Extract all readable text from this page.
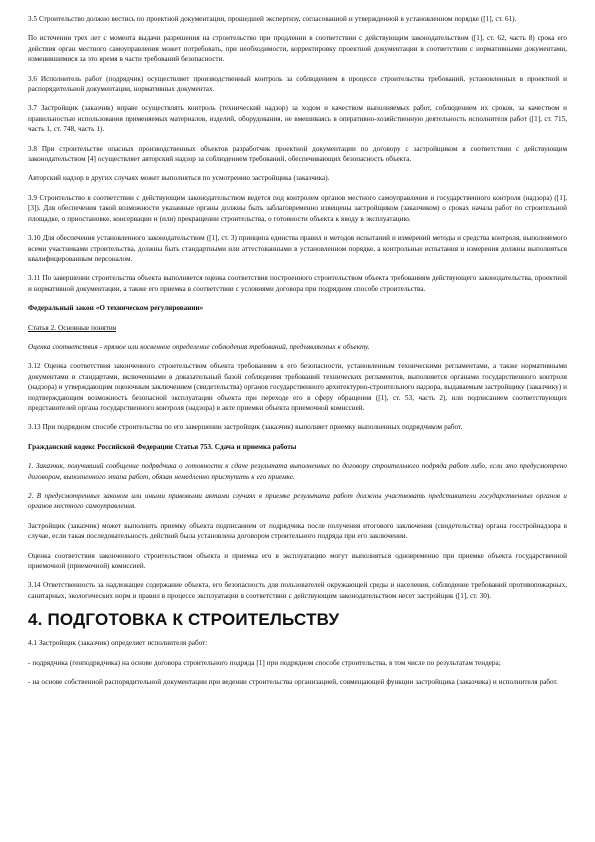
3.5 Строительство должно вестись по проектной документации, прошедшей экспертизу, согласованной и утвержденной в установленном порядке ([1], ст. 61).

По истечении трех лет с момента выдачи разрешения на строительство при продлении в соответствии с действующим законодательством ([1], ст. 62, часть 8) срока его действия орган местного самоуправления может потребовать, при необходимости, корректировку проектной документации в соответствии с нормативными документами, изменившимися за это время в части требований безопасности.

3.6 Исполнитель работ (подрядчик) осуществляет производственный контроль за соблюдением в процессе строительства требований, установленных в проектной и распорядительной документации, нормативных документах.

3.7 Застройщик (заказчик) вправе осуществлять контроль (технический надзор) за ходом и качеством выполняемых работ, соблюдением их сроков, за качеством и правильностью использования применяемых материалов, изделий, оборудования, не вмешиваясь в оперативно-хозяйственную деятельность исполнителя работ ([1], ст. 715, часть 1, ст. 748, часть 1).

3.8 При строительстве опасных производственных объектов разработчик проектной документации по договору с застройщиком в соответствии с действующим законодательством [4] осуществляет авторский надзор за соблюдением требований, обеспечивающих безопасность объекта.

Авторский надзор в других случаях может выполняться по усмотрению застройщика (заказчика).

3.9 Строительство в соответствии с действующим законодательством ведется под контролем органов местного самоуправления и государственного контроля (надзора) ([1], [3]). Для обеспечения такой возможности указанные органы должны быть заблаговременно извещены застройщиком (заказчиком) о сроках начала работ по строительной площадке, о приостановке, консервации и (или) прекращении строительства, о готовности объекта к вводу в эксплуатацию.

3.10 Для обеспечения установленного законодательством ([1], ст. 3) принципа единства правил и методов испытаний и измерений методы и средства контроля, выполняемого всеми участниками строительства, должны быть стандартными или аттестованными в установленном порядке, а контрольные испытания и измерения должны выполняться квалифицированным персоналом.

3.11 По завершении строительства объекта выполняется оценка соответствия построенного строительством объекта требованиям действующего законодательства, проектной и нормативной документации, а также его приемка в соответствии с условиями договора при подрядном способе строительства.

Федеральный закон «О техническом регулировании»

Статья 2. Основные понятия

Оценка соответствия - прямое или косвенное определение соблюдения требований, предъявляемых к объекту.

3.12 Оценка соответствия законченного строительством объекта требованиям к его безопасности, установленным техническими регламентами, а также нормативными документами и стандартами, включенными в доказательный базой соблюдения требований технических регламентов, выполняется органами государственного контроля (надзора) и утверждающим оценочным заключением (свидетельства) органов государственного архитектурно-строительного надзора, выдаваемым застройщику (заказчику) и подтверждающим возможность безопасной эксплуатации объекта при переходе его в сферу обращения ([1], ст. 53, часть 2), или подписанием соответствующих представителей органа государственного контроля (надзора) в акте приемки объекта приемочной комиссией.

3.13 При подрядном способе строительства по его завершении застройщик (заказчик) выполняет приемку выполненных подрядчиком работ.

Гражданский кодекс Российской Федерации Статья 753. Сдача и приемка работы

1. Заказчик, получивший сообщение подрядчика о готовности к сдаче результата выполненных по договору строительного подряда работ либо, если это предусмотрено договором, выполненного этапа работ, обязан немедленно приступить к его приемке.

2. В предусмотренных законом или иными правовыми актами случаях в приемке результата работ должны участвовать представители государственных органов и органов местного самоуправления.

Застройщик (заказчик) может выполнить приемку объекта подписанием от подрядчика после получения итогового заключения (свидетельства) органа госстройнадзора в случае, если такая последовательность действий была установлена договором строительного подряда при его заключении.

Оценка соответствия законченного строительством объекта и приемка его в эксплуатацию могут выполняться одновременно при приемке объекта государственной приемочной (приемочной) комиссией.

3.14 Ответственность за надлежащее содержание объекта, его безопасность для пользователей окружающей среды и населения, соблюдение требований противопожарных, санитарных, экологических норм и правил в процессе эксплуатации в соответствии с действующим законодательством несет застройщик ([1], ст. 30).

4. ПОДГОТОВКА К СТРОИТЕЛЬСТВУ

4.1 Застройщик (заказчик) определяет исполнителя работ:

- подрядчика (генподрядчика) на основе договора строительного подряда [1] при подрядном способе строительства, в том числе по результатам тендера;

- на основе собственной распорядительной документации при ведении строительства организацией, совмещающей функции застройщика (заказчика) и исполнителя работ.
